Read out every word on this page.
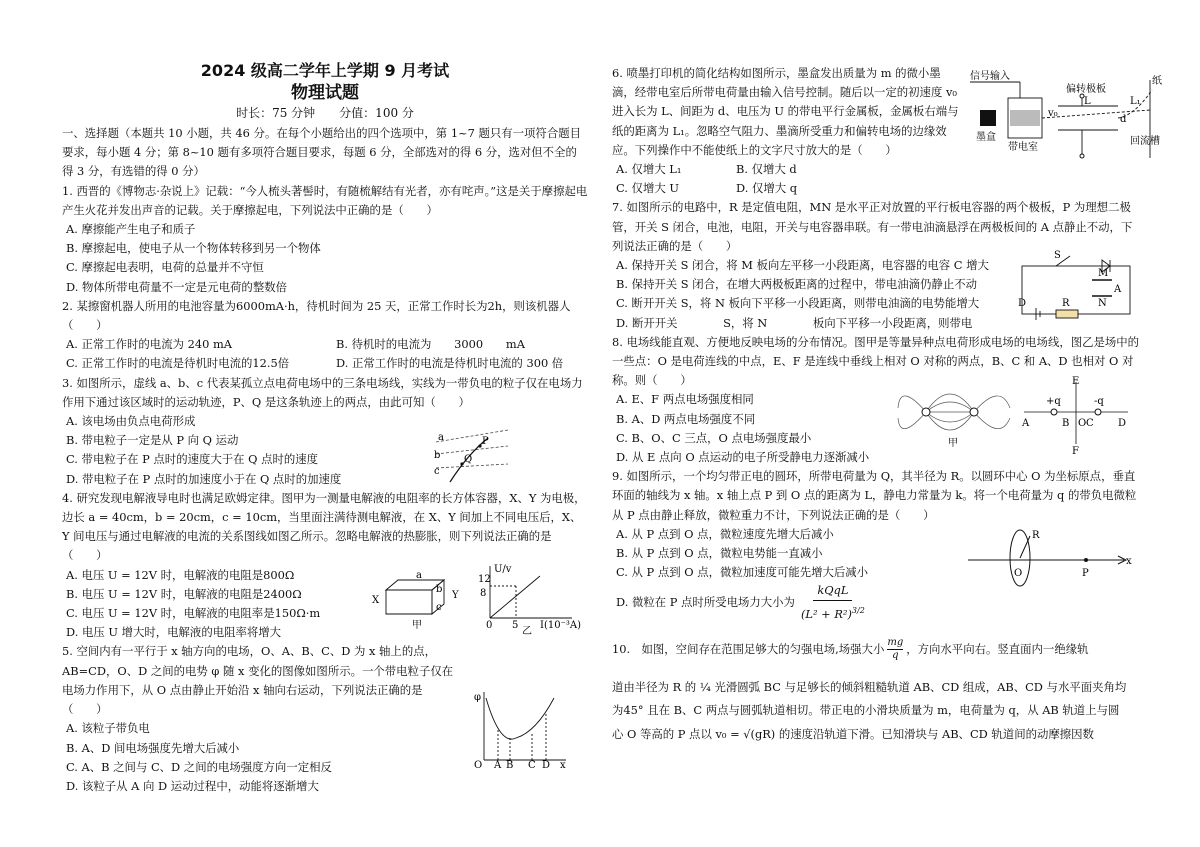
2024 级高二学年上学期 9 月考试
物理试题
时长：75 分钟　　分值：100 分

一、选择题（本题共 10 小题，共 46 分。在每个小题给出的四个选项中，第 1~7 题只有一项符合题目要求，每小题 4 分；第 8~10 题有多项符合题目要求，每题 6 分，全部选对的得 6 分，选对但不全的得 3 分，有选错的得 0 分）

1. 西晋的《博物志·杂说上》记载：“今人梳头著髻时，有随梳解结有光者，亦有咤声。”这是关于摩擦起电产生火花并发出声音的记载。关于摩擦起电，下列说法中正确的是（　　）

A. 摩擦能产生电子和质子

B. 摩擦起电，使电子从一个物体转移到另一个物体

C. 摩擦起电表明，电荷的总量并不守恒

D. 物体所带电荷量不一定是元电荷的整数倍

2. 某擦窗机器人所用的电池容量为6000mA·h，待机时间为 25 天，正常工作时长为2h，则该机器人（　　）

A. 正常工作时的电流为 240 mA	B. 待机时的电流为　　3000　　mA
C. 正常工作时的电流是待机时电流的12.5倍	D. 正常工作时的电流是待机时电流的 300 倍

3. 如图所示，虚线 a、b、c 代表某孤立点电荷电场中的三条电场线，实线为一带负电的粒子仅在电场力作用下通过该区域时的运动轨迹，P、Q 是这条轨迹上的两点，由此可知（　　）

A. 该电场由负点电荷形成

B. 带电粒子一定是从 P 向 Q 运动

C. 带电粒子在 P 点时的速度大于在 Q 点时的速度

D. 带电粒子在 P 点时的加速度小于在 Q 点时的加速度

4. 研究发现电解液导电时也满足欧姆定律。图甲为一测量电解液的电阻率的长方体容器，X、Y 为电极，边长 a = 40cm，b = 20cm，c = 10cm，当里面注满待测电解液，在 X、Y 间加上不同电压后，X、Y 间电压与通过电解液的电流的关系图线如图乙所示。忽略电解液的热膨胀，则下列说法正确的是（　　）

A. 电压 U = 12V 时，电解液的电阻是800Ω

B. 电压 U = 12V 时，电解液的电阻是2400Ω

C. 电压 U = 12V 时，电解液的电阻率是150Ω·m

D. 电压 U 增大时，电解液的电阻率将增大

5. 空间内有一平行于 x 轴方向的电场，O、A、B、C、D 为 x 轴上的点，AB=CD，O、D 之间的电势 φ 随 x 变化的图像如图所示。一个带电粒子仅在电场力作用下，从 O 点由静止开始沿 x 轴向右运动，下列说法正确的是（　　）

A. 该粒子带负电

B. A、D 间电场强度先增大后减小

C. A、B 之间与 C、D 之间的电场强度方向一定相反

D. 该粒子从 A 向 D 运动过程中，动能将逐渐增大

a
b
c
P
Q
X	Y
a
b
c
甲
U/v
12
8
0 5 I(10⁻³A)
乙
φ
O A B C D x

6. 喷墨打印机的简化结构如图所示，墨盒发出质量为 m 的微小墨滴，经带电室后所带电荷量由输入信号控制。随后以一定的初速度 v₀ 进入长为 L、间距为 d、电压为 U 的带电平行金属板，金属板右端与纸的距离为 L₁。忽略空气阻力、墨滴所受重力和偏转电场的边缘效应。下列操作中不能使纸上的文字尺寸放大的是（　　）

A. 仅增大 L₁	B. 仅增大 d
C. 仅增大 U	D. 仅增大 q

7. 如图所示的电路中，R 是定值电阻，MN 是水平正对放置的平行板电容器的两个极板，P 为理想二极管，开关 S 闭合，电池，电阻，开关与电容器串联。有一带电油滴悬浮在两极板间的 A 点静止不动，下列说法正确的是（　　）

A. 保持开关 S 闭合，将 M 板向左平移一小段距离，电容器的电容 C 增大

B. 保持开关 S 闭合，在增大两极板距离的过程中，带电油滴仍静止不动

C. 断开开关 S，将 N 板向下平移一小段距离，则带电油滴的电势能增大

D. 断开开关　　　　S，将 N　　　　板向下平移一小段距离，则带电

8. 电场线能直观、方便地反映电场的分布情况。图甲是等量异种点电荷形成电场的电场线，图乙是场中的一些点：O 是电荷连线的中点，E、F 是连线中垂线上相对 O 对称的两点，B、C 和 A、D 也相对 O 对称。则（　　）

A. E、F 两点电场强度相同

B. A、D 两点电场强度不同

C. B、O、C 三点，O 点电场强度最小

D. 从 E 点向 O 点运动的电子所受静电力逐渐减小

9. 如图所示，一个均匀带正电的圆环，所带电荷量为 Q，其半径为 R。以圆环中心 O 为坐标原点，垂直环面的轴线为 x 轴。x 轴上点 P 到 O 点的距离为 L，静电力常量为 k。将一个电荷量为 q 的带负电微粒从 P 点由静止释放，微粒重力不计，下列说法正确的是（　　）

A. 从 P 点到 O 点，微粒速度先增大后减小

B. 从 P 点到 O 点，微粒电势能一直减小

C. 从 P 点到 O 点，微粒加速度可能先增大后减小

D. 微粒在 P 点时所受电场力大小为
kQqL
$(L^2 + R^2)^{3/2}$
10.　如图，空间存在范围足够大的匀强电场,场强大小 $\frac{mg}{q}$ ，方向水平向右。竖直面内一绝缘轨

道由半径为 R 的 ¼ 光滑圆弧 BC 与足够长的倾斜粗糙轨道 AB、CD 组成，AB、CD 与水平面夹角均

为45° 且在 B、C 两点与圆弧轨道相切。带正电的小滑块质量为 m，电荷量为 q，从 AB 轨道上与圆

心 O 等高的 P 点以 v₀ = √(gR) 的速度沿轨道下滑。已知滑块与 AB、CD 轨道间的动摩擦因数

信号输入
偏转极板
纸
墨盒
带电室
L	L₁
d
v₀
回流槽
S
M
N
A
D	R
甲
E
F
A	B O C D
+q	-q
R
O	P
x
